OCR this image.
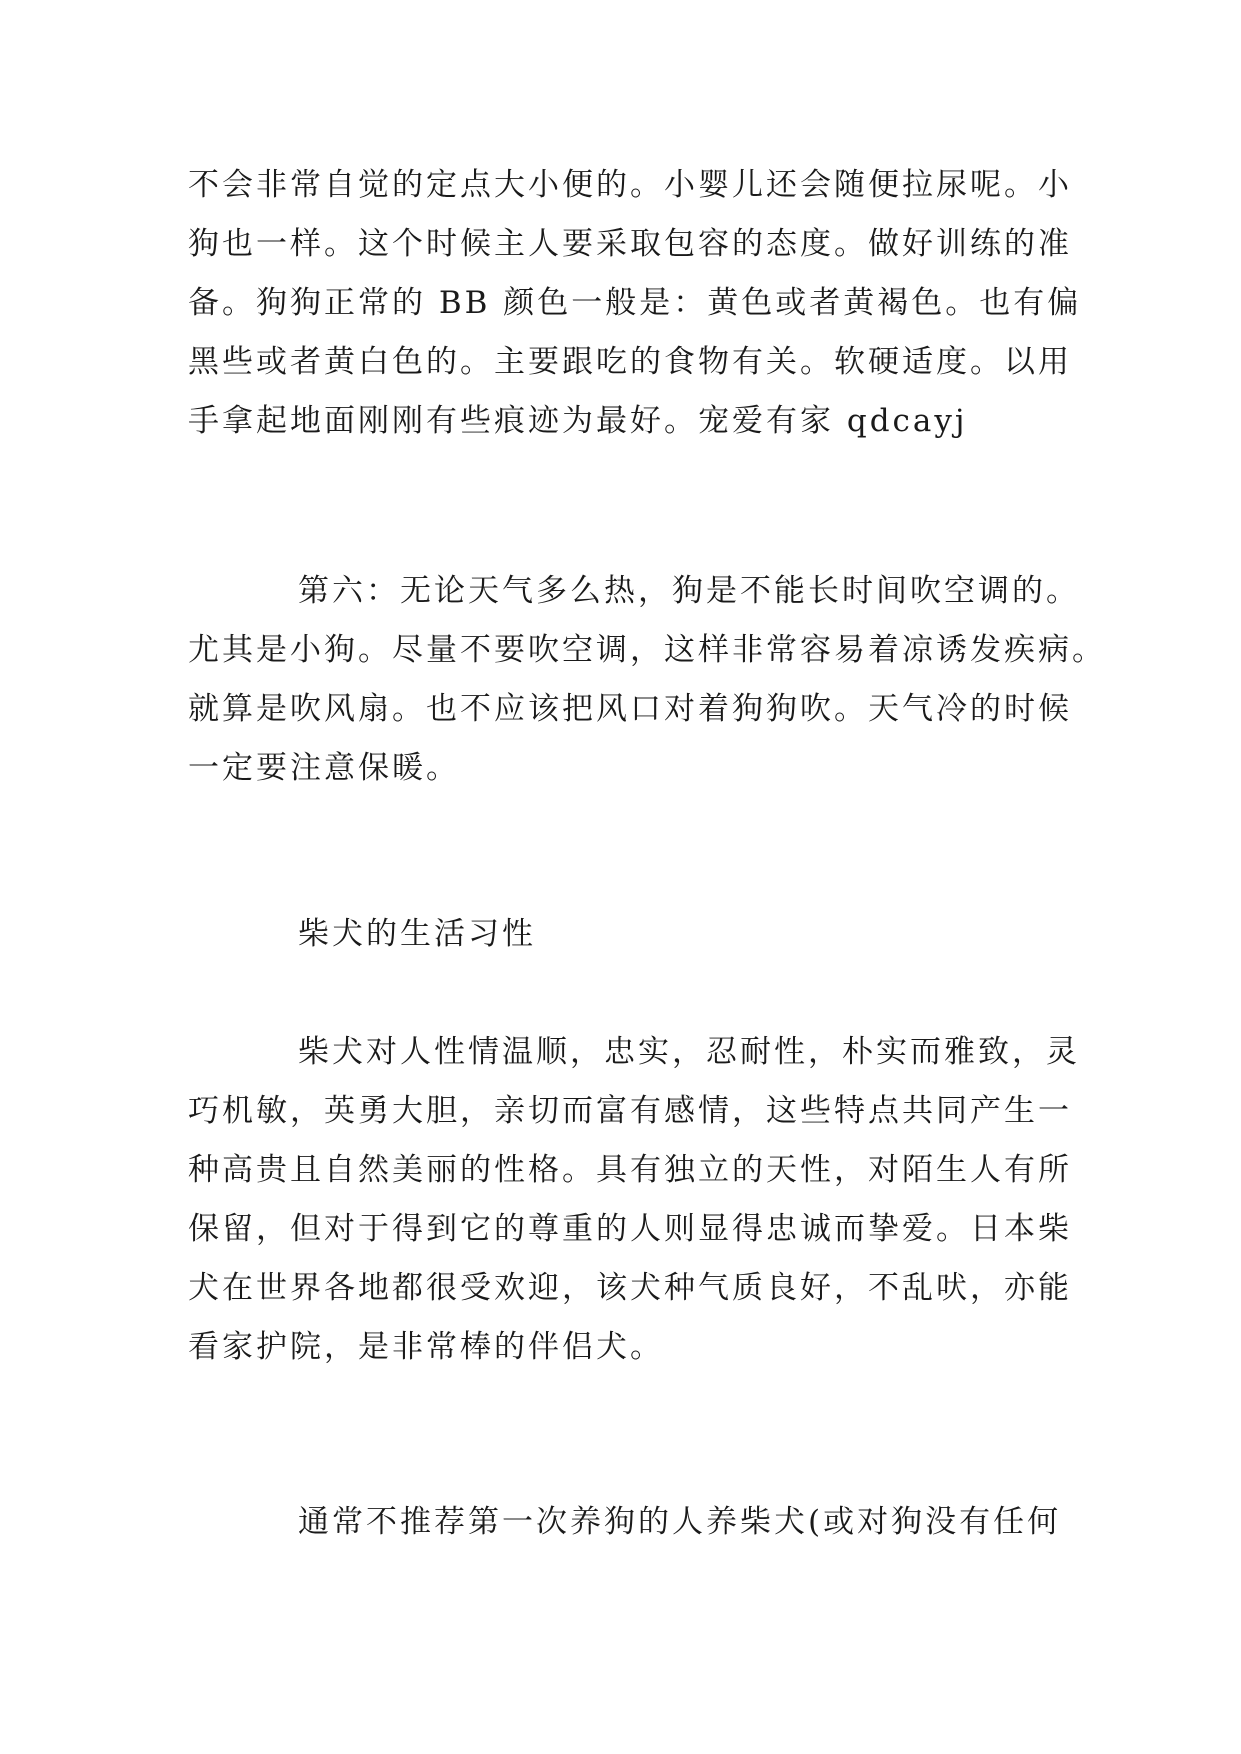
不会非常自觉的定点大小便的。小婴儿还会随便拉尿呢。小
狗也一样。这个时候主人要采取包容的态度。做好训练的准
备。狗狗正常的 BB 颜色一般是：黄色或者黄褐色。也有偏
黑些或者黄白色的。主要跟吃的食物有关。软硬适度。以用
手拿起地面刚刚有些痕迹为最好。宠爱有家 qdcayj

第六：无论天气多么热，狗是不能长时间吹空调的。
尤其是小狗。尽量不要吹空调，这样非常容易着凉诱发疾病。
就算是吹风扇。也不应该把风口对着狗狗吹。天气冷的时候
一定要注意保暖。

柴犬的生活习性

柴犬对人性情温顺，忠实，忍耐性，朴实而雅致，灵
巧机敏，英勇大胆，亲切而富有感情，这些特点共同产生一
种高贵且自然美丽的性格。具有独立的天性，对陌生人有所
保留，但对于得到它的尊重的人则显得忠诚而挚爱。日本柴
犬在世界各地都很受欢迎，该犬种气质良好，不乱吠，亦能
看家护院，是非常棒的伴侣犬。

通常不推荐第一次养狗的人养柴犬(或对狗没有任何
